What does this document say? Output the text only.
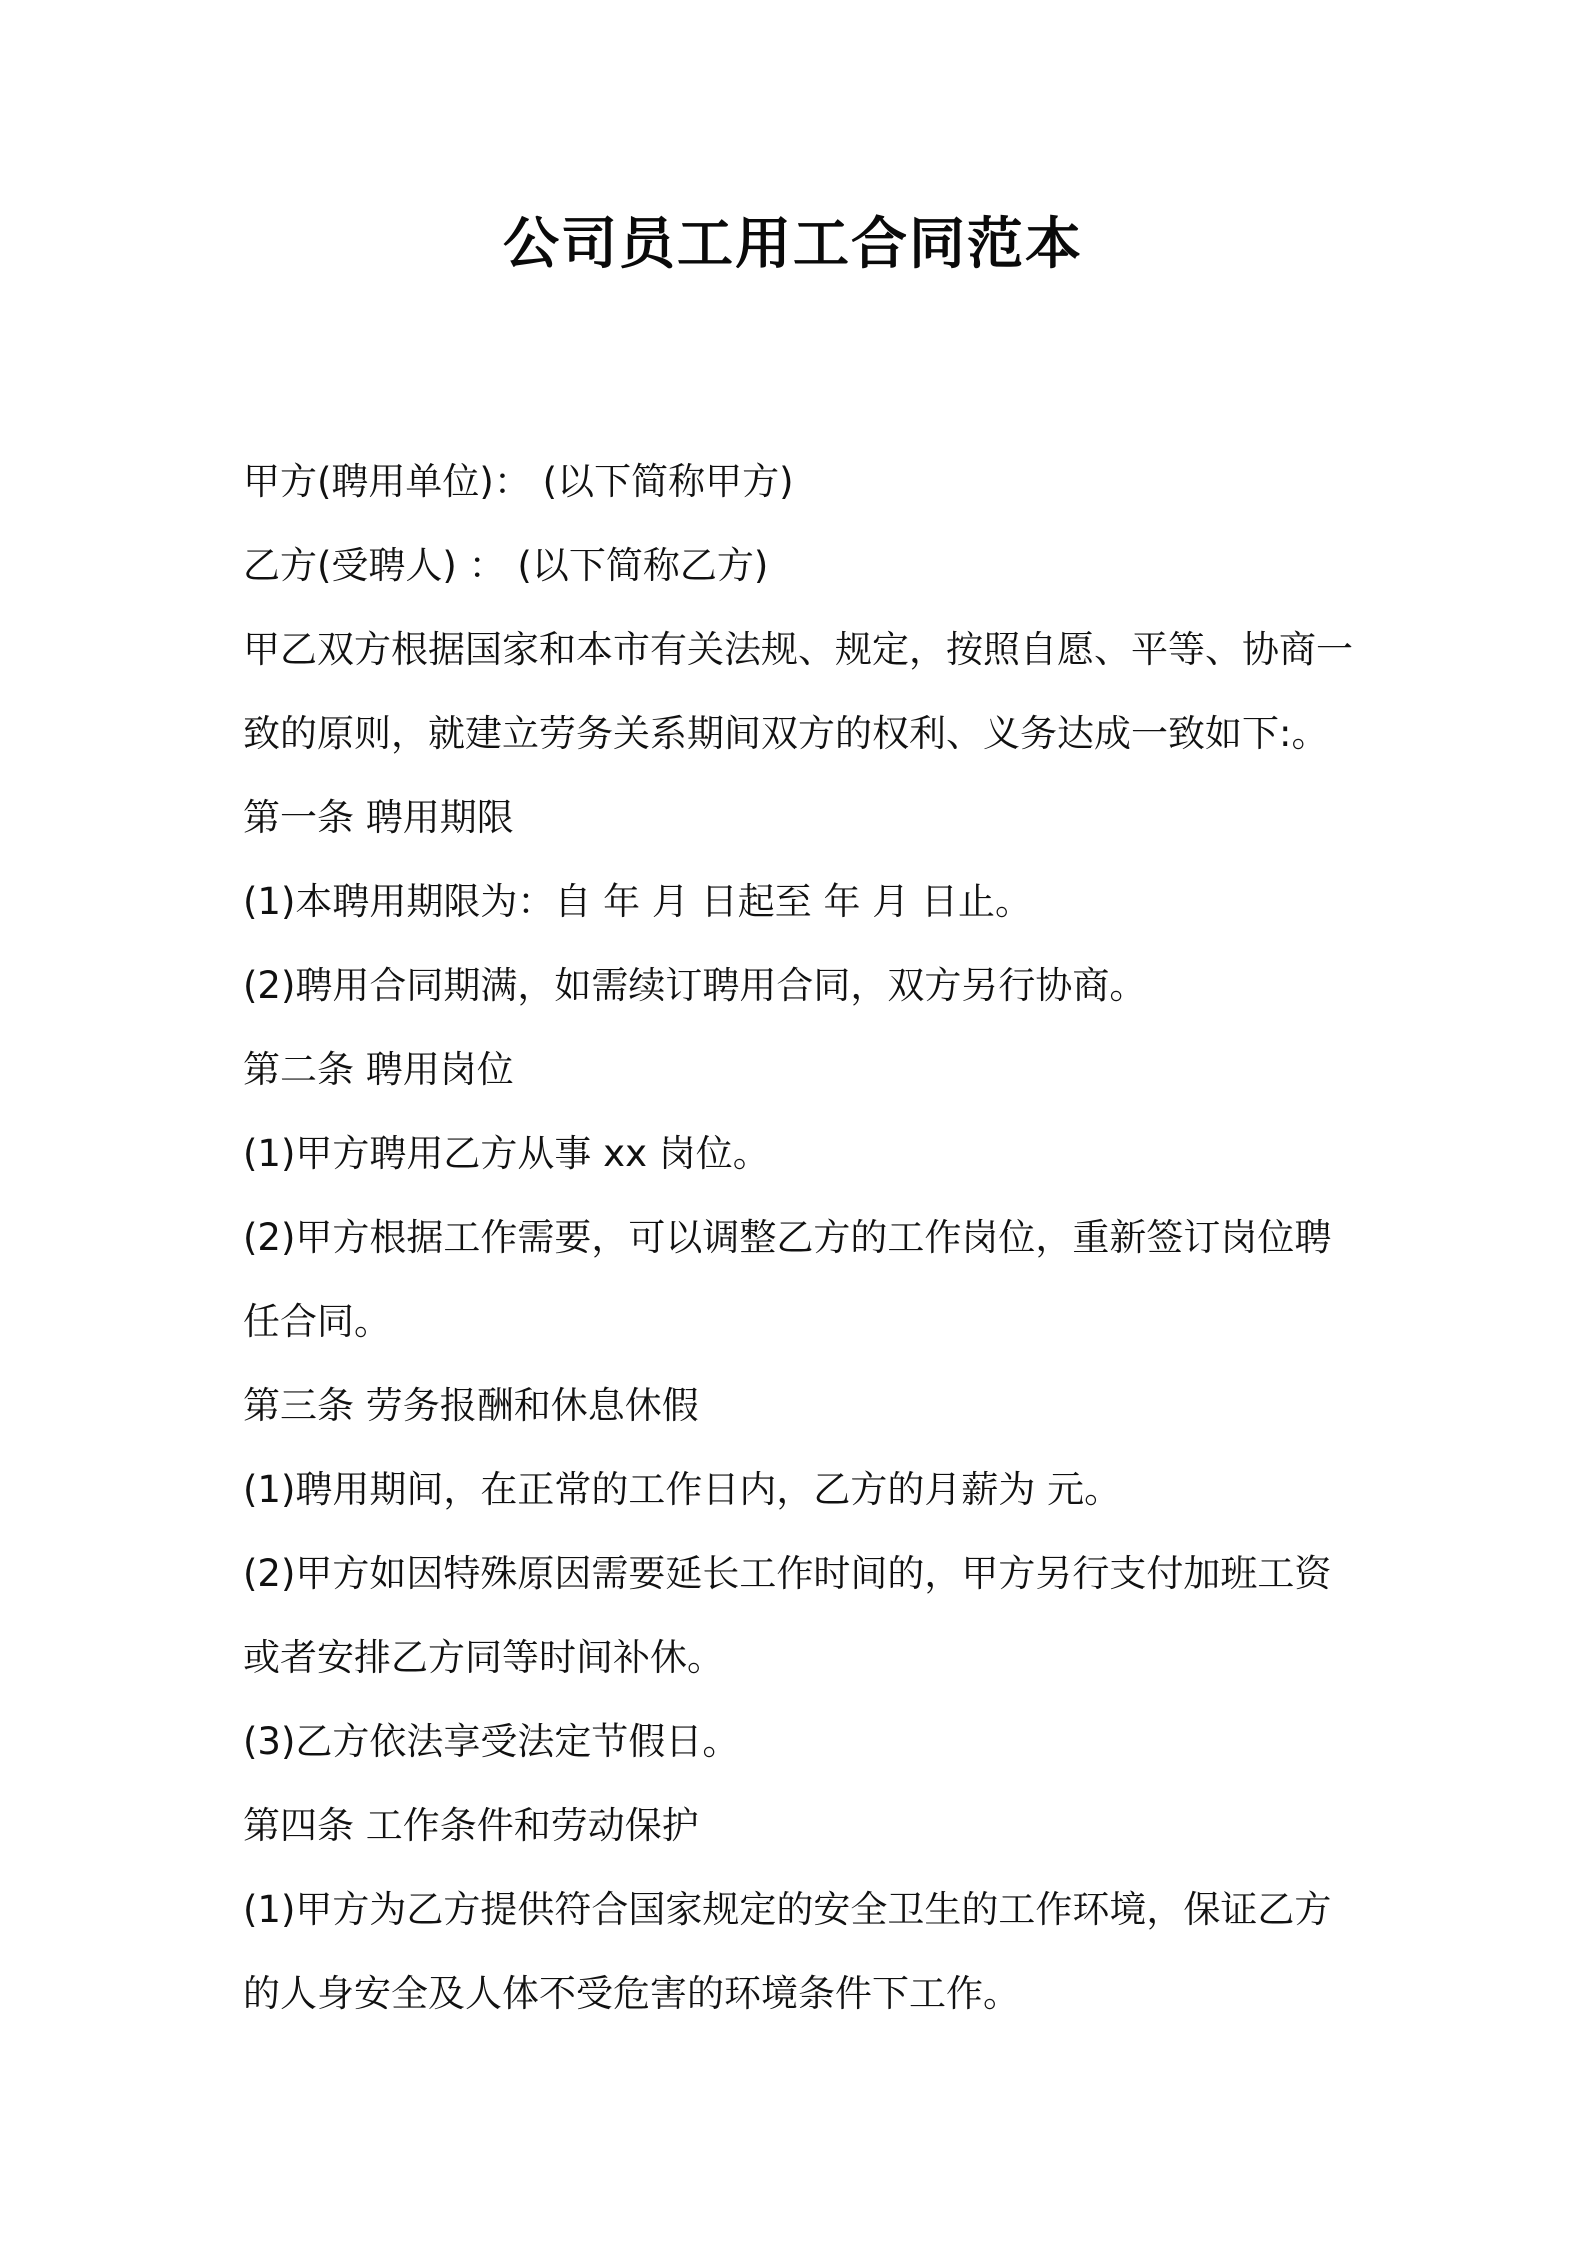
公司员工用工合同范本
甲方(聘用单位)： (以下简称甲方)
乙方(受聘人) ： (以下简称乙方)
甲乙双方根据国家和本市有关法规、规定，按照自愿、平等、协商一
致的原则，就建立劳务关系期间双方的权利、义务达成一致如下:。
第一条 聘用期限
(1)本聘用期限为：自 年 月 日起至 年 月 日止。
(2)聘用合同期满，如需续订聘用合同，双方另行协商。
第二条 聘用岗位
(1)甲方聘用乙方从事 xx 岗位。
(2)甲方根据工作需要，可以调整乙方的工作岗位，重新签订岗位聘
任合同。
第三条 劳务报酬和休息休假
(1)聘用期间，在正常的工作日内，乙方的月薪为 元。
(2)甲方如因特殊原因需要延长工作时间的，甲方另行支付加班工资
或者安排乙方同等时间补休。
(3)乙方依法享受法定节假日。
第四条 工作条件和劳动保护
(1)甲方为乙方提供符合国家规定的安全卫生的工作环境，保证乙方
的人身安全及人体不受危害的环境条件下工作。
